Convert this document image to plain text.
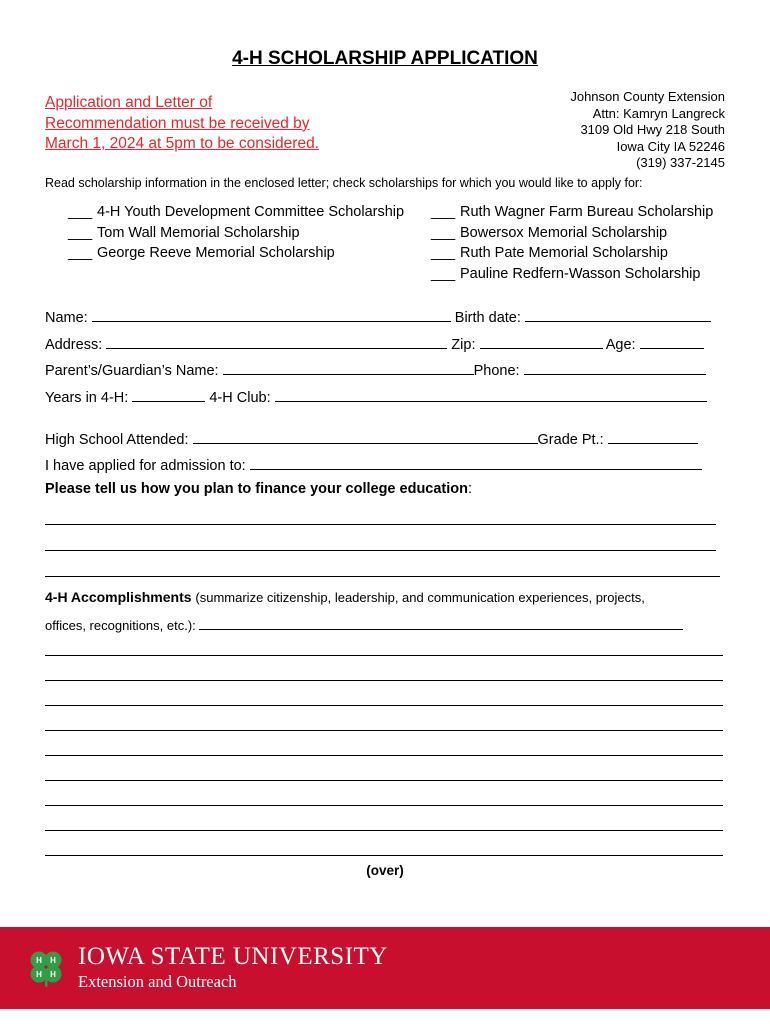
4-H SCHOLARSHIP APPLICATION
Application and Letter of
Recommendation must be received by
March 1, 2024 at 5pm to be considered.
Johnson County Extension
Attn: Kamryn Langreck
3109 Old Hwy 218 South
Iowa City IA 52246
(319) 337-2145
Read scholarship information in the enclosed letter; check scholarships for which you would like to apply for:
___ 4-H Youth Development Committee Scholarship
___ Tom Wall Memorial Scholarship
___ George Reeve Memorial Scholarship
___ Ruth Wagner Farm Bureau Scholarship
___ Bowersox Memorial Scholarship
___ Ruth Pate Memorial Scholarship
___ Pauline Redfern-Wasson Scholarship
Name:	Birth date:
Address:	Zip:	Age:
Parent’s/Guardian’s Name:	Phone:
Years in 4-H:	4-H Club:
High School Attended:	Grade Pt.:
I have applied for admission to:
Please tell us how you plan to finance your college education:
4-H Accomplishments (summarize citizenship, leadership, and communication experiences, projects,
offices, recognitions, etc.):
(over)
H H
H H
IOWA STATE UNIVERSITY
Extension and Outreach
